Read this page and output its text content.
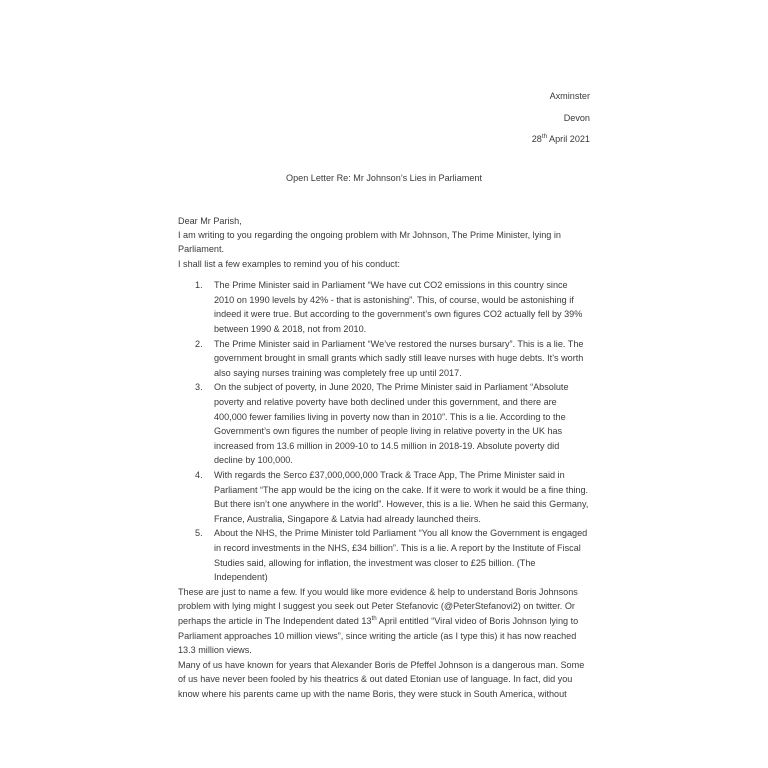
Axminster
Devon
28th April 2021
Open Letter Re: Mr Johnson’s Lies in Parliament
Dear Mr Parish,

I am writing to you regarding the ongoing problem with Mr Johnson, The Prime Minister, lying in Parliament.

I shall list a few examples to remind you of his conduct:

The Prime Minister said in Parliament “We have cut CO2 emissions in this country since 2010 on 1990 levels by 42% - that is astonishing”. This, of course, would be astonishing if indeed it were true. But according to the government’s own figures CO2 actually fell by 39% between 1990 & 2018, not from 2010.
The Prime Minister said in Parliament “We’ve restored the nurses bursary”. This is a lie. The government brought in small grants which sadly still leave nurses with huge debts. It’s worth also saying nurses training was completely free up until 2017.
On the subject of poverty, in June 2020, The Prime Minister said in Parliament “Absolute poverty and relative poverty have both declined under this government, and there are 400,000 fewer families living in poverty now than in 2010”. This is a lie. According to the Government’s own figures the number of people living in relative poverty in the UK has increased from 13.6 million in 2009-10 to 14.5 million in 2018-19. Absolute poverty did decline by 100,000.
With regards the Serco £37,000,000,000 Track & Trace App, The Prime Minister said in Parliament “The app would be the icing on the cake. If it were to work it would be a fine thing. But there isn’t one anywhere in the world”. However, this is a lie. When he said this Germany, France, Australia, Singapore & Latvia had already launched theirs.
About the NHS, the Prime Minister told Parliament “You all know the Government is engaged in record investments in the NHS, £34 billion”. This is a lie. A report by the Institute of Fiscal Studies said, allowing for inflation, the investment was closer to £25 billion. (The Independent)

These are just to name a few. If you would like more evidence & help to understand Boris Johnsons problem with lying might I suggest you seek out Peter Stefanovic (@PeterStefanovi2) on twitter. Or perhaps the article in The Independent dated 13th April entitled “Viral video of Boris Johnson lying to Parliament approaches 10 million views”, since writing the article (as I type this) it has now reached 13.3 million views.

Many of us have known for years that Alexander Boris de Pfeffel Johnson is a dangerous man. Some of us have never been fooled by his theatrics & out dated Etonian use of language. In fact, did you know where his parents came up with the name Boris, they were stuck in South America, without
